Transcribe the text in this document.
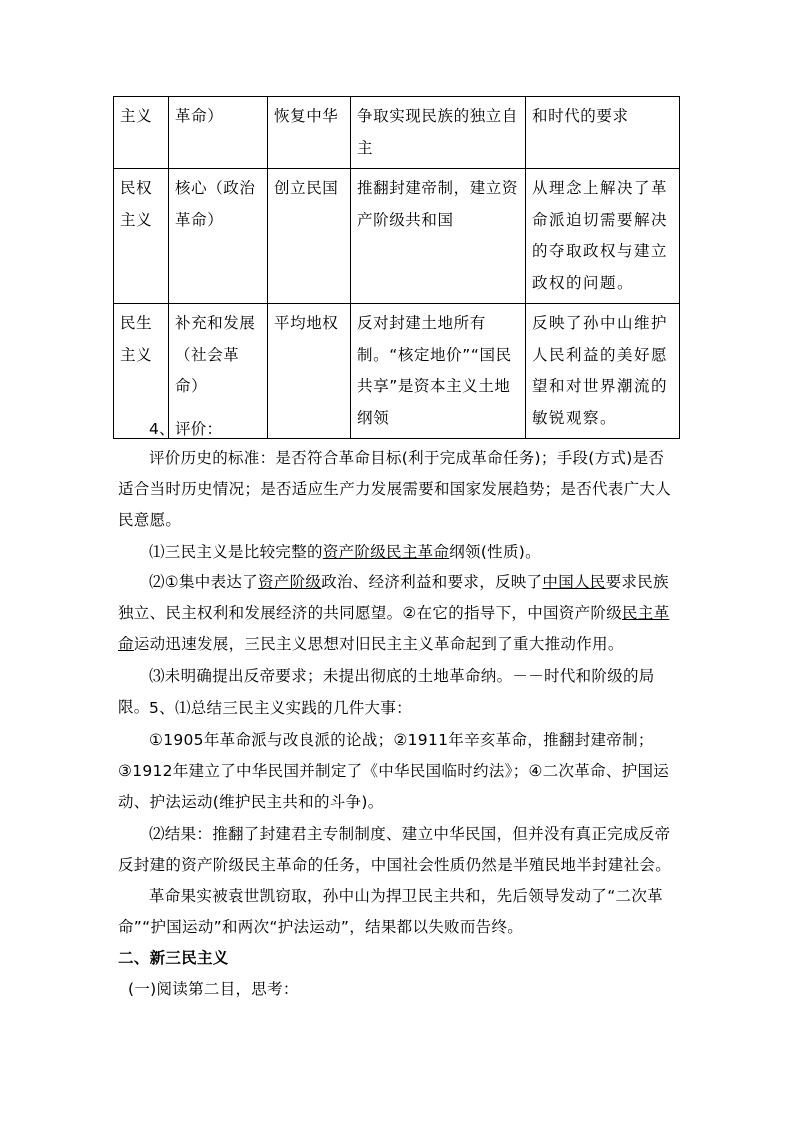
主义	革命）	恢复中华	争取实现民族的独立自主	和时代的要求
民权主义	核心（政治革命）	创立民国	推翻封建帝制，建立资产阶级共和国	从理念上解决了革命派迫切需要解决的夺取政权与建立政权的问题。
民生主义	补充和发展（社会革命）	平均地权	反对封建土地所有制。“核定地价”“国民共享”是资本主义土地纲领	反映了孙中山维护人民利益的美好愿望和对世界潮流的敏锐观察。
4、评价：
评价历史的标准：是否符合革命目标(利于完成革命任务)；手段(方式)是否适合当时历史情况；是否适应生产力发展需要和国家发展趋势；是否代表广大人民意愿。
⑴三民主义是比较完整的资产阶级民主革命纲领(性质)。
⑵①集中表达了资产阶级政治、经济利益和要求，反映了中国人民要求民族独立、民主权利和发展经济的共同愿望。②在它的指导下，中国资产阶级民主革命运动迅速发展，三民主义思想对旧民主主义革命起到了重大推动作用。
⑶未明确提出反帝要求；未提出彻底的土地革命纳。－－时代和阶级的局限。 5、⑴总结三民主义实践的几件大事：
①1905年革命派与改良派的论战；②1911年辛亥革命，推翻封建帝制；③1912年建立了中华民国并制定了《中华民国临时约法》；④二次革命、护国运动、护法运动(维护民主共和的斗争)。
⑵结果：推翻了封建君主专制制度、建立中华民国，但并没有真正完成反帝反封建的资产阶级民主革命的任务，中国社会性质仍然是半殖民地半封建社会。
革命果实被袁世凯窃取，孙中山为捍卫民主共和，先后领导发动了“二次革命”“护国运动”和两次“护法运动”，结果都以失败而告终。
二、新三民主义
(一)阅读第二目，思考：
